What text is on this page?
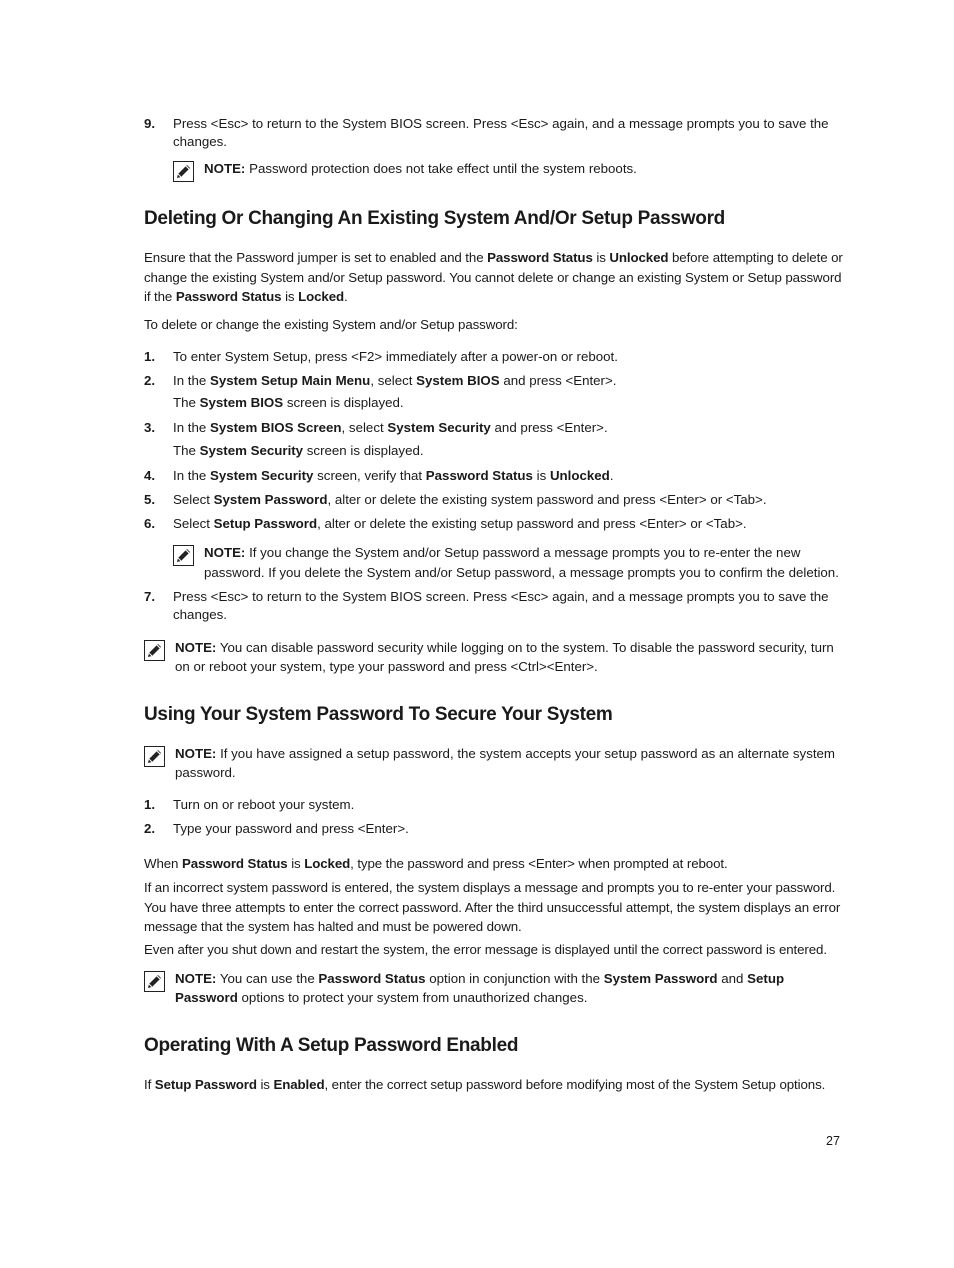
9. Press <Esc> to return to the System BIOS screen. Press <Esc> again, and a message prompts you to save the changes.
NOTE: Password protection does not take effect until the system reboots.
Deleting Or Changing An Existing System And/Or Setup Password
Ensure that the Password jumper is set to enabled and the Password Status is Unlocked before attempting to delete or change the existing System and/or Setup password. You cannot delete or change an existing System or Setup password if the Password Status is Locked.
To delete or change the existing System and/or Setup password:
1. To enter System Setup, press <F2> immediately after a power-on or reboot.
2. In the System Setup Main Menu, select System BIOS and press <Enter>.
The System BIOS screen is displayed.
3. In the System BIOS Screen, select System Security and press <Enter>.
The System Security screen is displayed.
4. In the System Security screen, verify that Password Status is Unlocked.
5. Select System Password, alter or delete the existing system password and press <Enter> or <Tab>.
6. Select Setup Password, alter or delete the existing setup password and press <Enter> or <Tab>.
NOTE: If you change the System and/or Setup password a message prompts you to re-enter the new password. If you delete the System and/or Setup password, a message prompts you to confirm the deletion.
7. Press <Esc> to return to the System BIOS screen. Press <Esc> again, and a message prompts you to save the changes.
NOTE: You can disable password security while logging on to the system. To disable the password security, turn on or reboot your system, type your password and press <Ctrl><Enter>.
Using Your System Password To Secure Your System
NOTE: If you have assigned a setup password, the system accepts your setup password as an alternate system password.
1. Turn on or reboot your system.
2. Type your password and press <Enter>.
When Password Status is Locked, type the password and press <Enter> when prompted at reboot.
If an incorrect system password is entered, the system displays a message and prompts you to re-enter your password. You have three attempts to enter the correct password. After the third unsuccessful attempt, the system displays an error message that the system has halted and must be powered down.
Even after you shut down and restart the system, the error message is displayed until the correct password is entered.
NOTE: You can use the Password Status option in conjunction with the System Password and Setup Password options to protect your system from unauthorized changes.
Operating With A Setup Password Enabled
If Setup Password is Enabled, enter the correct setup password before modifying most of the System Setup options.
27
